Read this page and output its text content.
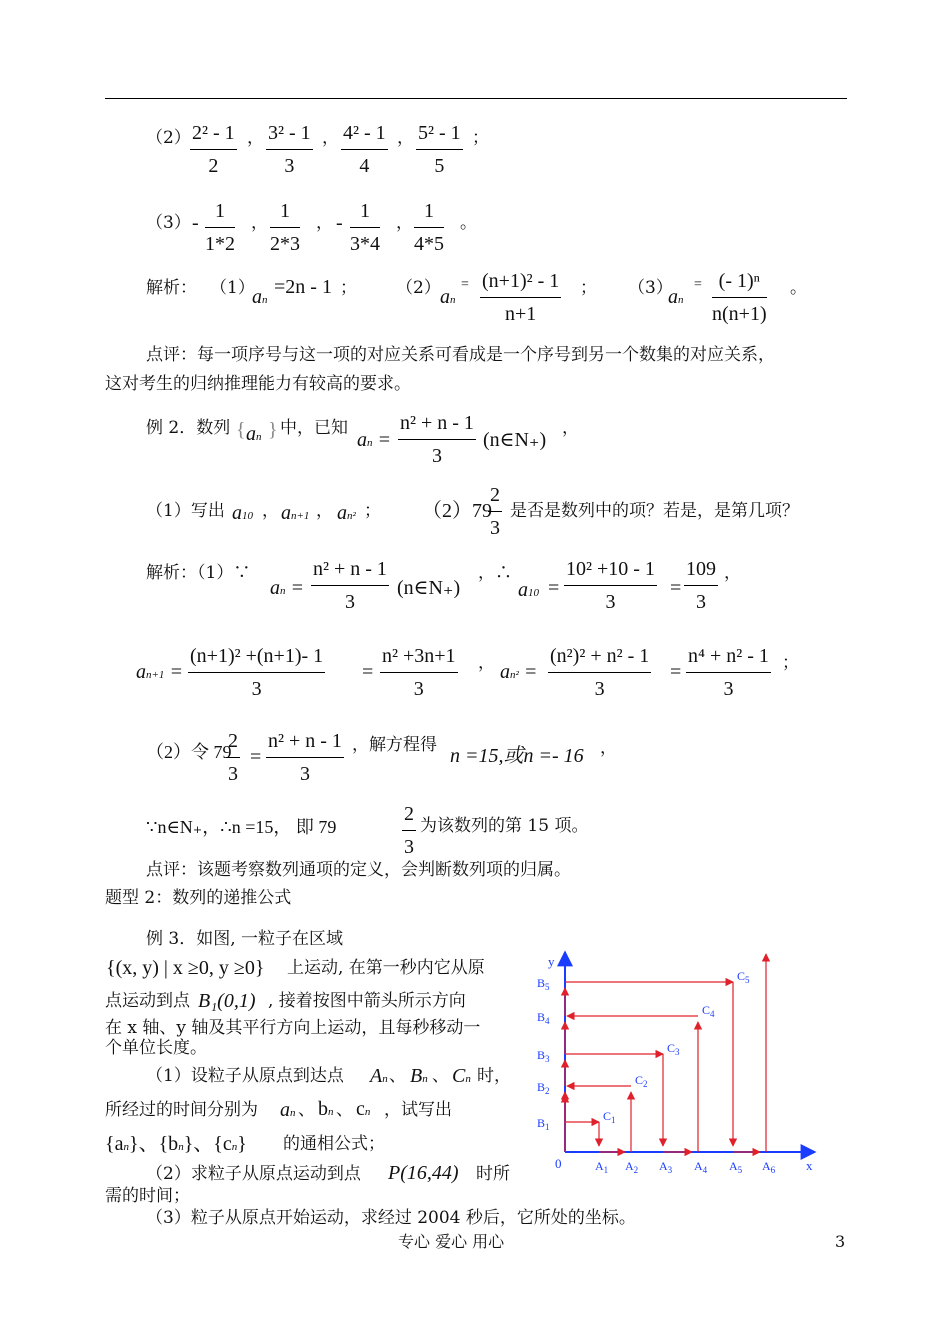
$(2) \frac{\text{2² - 1}}{2}$ ， $\frac{\text{3² - 1}}{3}$ ， $\frac{\text{4² - 1}}{4}$ ， $\frac{\text{5² - 1}}{5}$ ；
$(3) - \frac{1}{1*2}$ ， $\frac{1}{2*3}$ ， - $\frac{1}{3*4}$ ， $\frac{1}{4*5}$ 。
解析： （1）
an
=2n - 1 ； （2） an
= $\frac{\text{(n+1)² - 1}}{n+1}$ ； （3）
an
= $\frac{\text{(- 1)ⁿ}}{n(n+1)}$ 。
点评：每一项序号与这一项的对应关系可看成是一个序号到另一个数集的对应关系，
这对考生的归纳推理能力有较高的要求。
例 2．数列 { an } 中，已知
an = $\frac{\text{n² + n - 1}}{3}$ (n∈N₊)
，
（1）写出 a10 ， an+1 ， an² ； （2）79
$\frac{2}{3}$ 是否是数列中的项？若是，是第几项？
解析：（1）∵
an = $\frac{\text{n² + n - 1}}{3}$ (n∈N₊)
，∴
$a10 = \frac{\text{10² +10 - 1}}{3} = \frac{109}{3}$ ，
$an+1 = \frac{\text{(n+1)² +(n+1)- 1}}{3} = \frac{\text{n² +3n+1}}{3}$ ， $an^2 = \frac{\text{(n²)² + n² - 1}}{3} = \frac{\text{n⁴ + n² - 1}}{3}$ ；
（2）令 79
$\frac{2}{3} = \frac{\text{n² + n - 1}}{3}$ ，解方程得 n =15,或n =- 16 ，
∵n∈N₊，∴n =15， 即 79	$\frac{2}{3}$ 为该数列的第 15 项。
点评：该题考察数列通项的定义，会判断数列项的归属。
题型 2：数列的递推公式
例 3．如图, 一粒子在区域
{(x, y) | x ≥0, y ≥0} 上运动, 在第一秒内它从原
点运动到点 B₁(0,1) , 接着按图中箭头所示方向
在 x 轴、y 轴及其平行方向上运动，且每秒移动一
个单位长度。
（1）设粒子从原点到达点 An 、 Bn 、 Cn 时，
所经过的时间分别为 an 、 bn 、 cn ，试写出
{an}、{bn}、{cn} 的通相公式；
（2）求粒子从原点运动到点 P(16,44) 时所
需的时间；
（3）粒子从原点开始运动，求经过 2004 秒后，它所处的坐标。
x
y
0	$A_1$ $A_2$ $A_3$ $A_4$ $A_5$ $A_6$
$B_1$
$B_2$
$B_3$
$B_4$
$B_5$
$C_1$
$C_2$
$C_3$
$C_4$
$C_5$
专心 爱心 用心	3
